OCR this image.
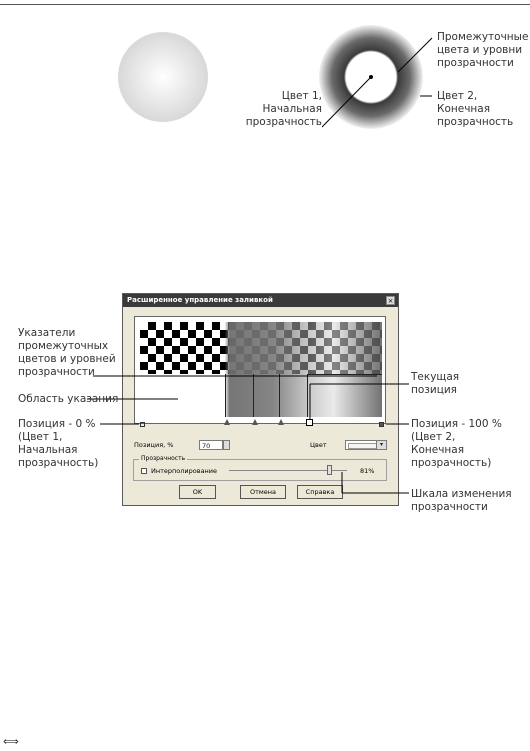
Промежуточные
цвета и уровни
прозрачности
Цвет 1,
Начальная
прозрачность
Цвет 2,
Конечная
прозрачность
Расширенное управление заливкой	×
Позиция, %	70	Цвет	▾
Прозрачность
Интерполирование	81%
OK	Отмена	Справка
Указатели
промежуточных
цветов и уровней
прозрачности
Область указания
Позиция - 0 %
(Цвет 1,
Начальная
прозрачность)
Текущая
позиция
Позиция - 100 %
(Цвет 2,
Конечная
прозрачность)
Шкала изменения
прозрачности
⟺
